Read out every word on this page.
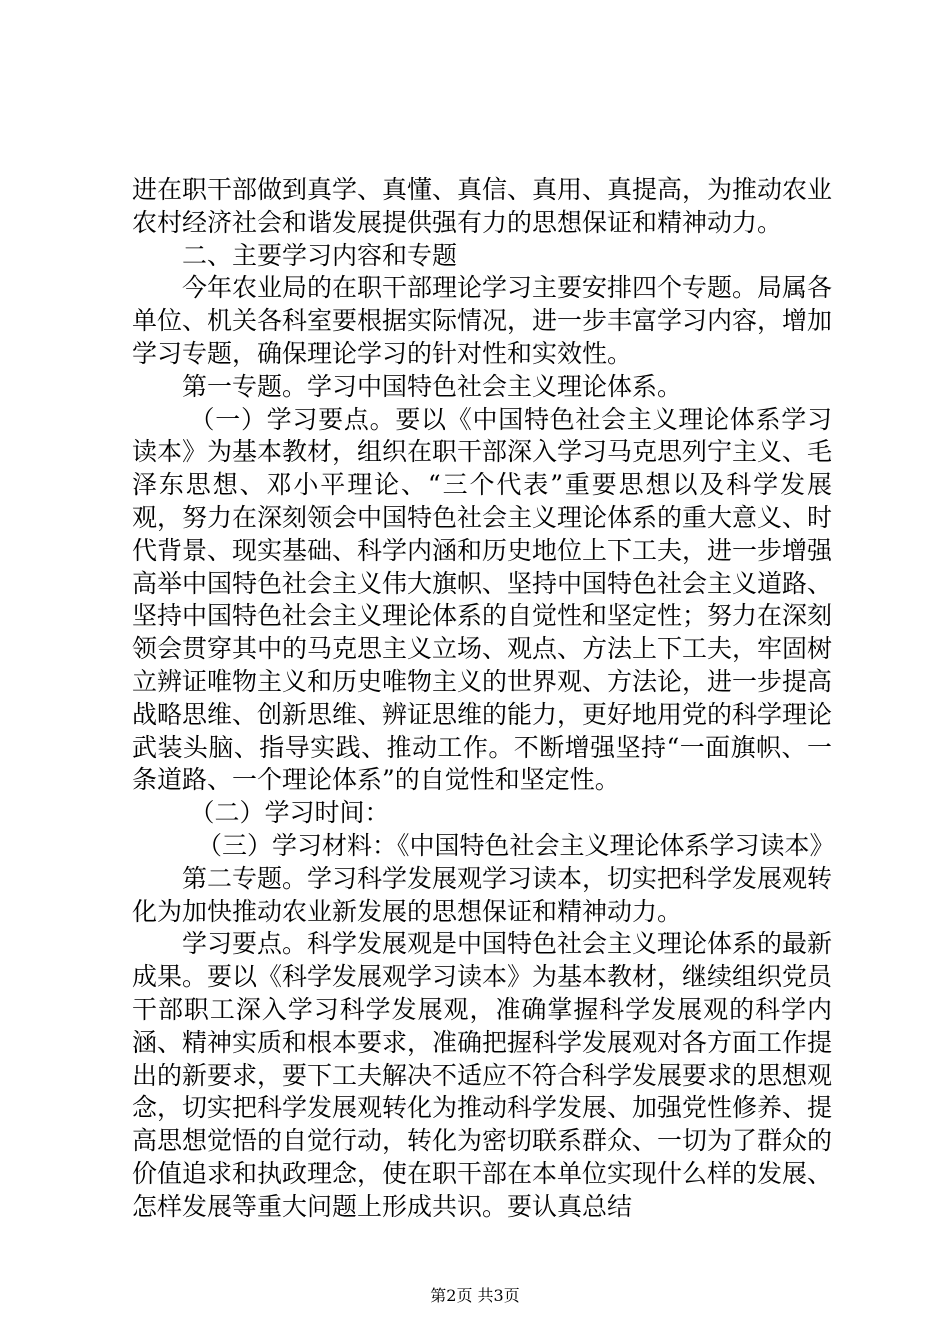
进在职干部做到真学、真懂、真信、真用、真提高，为推动农业农村经济社会和谐发展提供强有力的思想保证和精神动力。

二、主要学习内容和专题

今年农业局的在职干部理论学习主要安排四个专题。局属各单位、机关各科室要根据实际情况，进一步丰富学习内容，增加学习专题，确保理论学习的针对性和实效性。

第一专题。学习中国特色社会主义理论体系。

（一）学习要点。要以《中国特色社会主义理论体系学习读本》为基本教材，组织在职干部深入学习马克思列宁主义、毛泽东思想、邓小平理论、“三个代表”重要思想以及科学发展观，努力在深刻领会中国特色社会主义理论体系的重大意义、时代背景、现实基础、科学内涵和历史地位上下工夫，进一步增强高举中国特色社会主义伟大旗帜、坚持中国特色社会主义道路、坚持中国特色社会主义理论体系的自觉性和坚定性；努力在深刻领会贯穿其中的马克思主义立场、观点、方法上下工夫，牢固树立辨证唯物主义和历史唯物主义的世界观、方法论，进一步提高战略思维、创新思维、辨证思维的能力，更好地用党的科学理论武装头脑、指导实践、推动工作。不断增强坚持“一面旗帜、一条道路、一个理论体系”的自觉性和坚定性。

（二）学习时间：

（三）学习材料：《中国特色社会主义理论体系学习读本》

第二专题。学习科学发展观学习读本，切实把科学发展观转化为加快推动农业新发展的思想保证和精神动力。

学习要点。科学发展观是中国特色社会主义理论体系的最新成果。要以《科学发展观学习读本》为基本教材，继续组织党员干部职工深入学习科学发展观，准确掌握科学发展观的科学内涵、精神实质和根本要求，准确把握科学发展观对各方面工作提出的新要求，要下工夫解决不适应不符合科学发展要求的思想观念，切实把科学发展观转化为推动科学发展、加强党性修养、提高思想觉悟的自觉行动，转化为密切联系群众、一切为了群众的价值追求和执政理念，使在职干部在本单位实现什么样的发展、怎样发展等重大问题上形成共识。要认真总结

第2页 共3页
